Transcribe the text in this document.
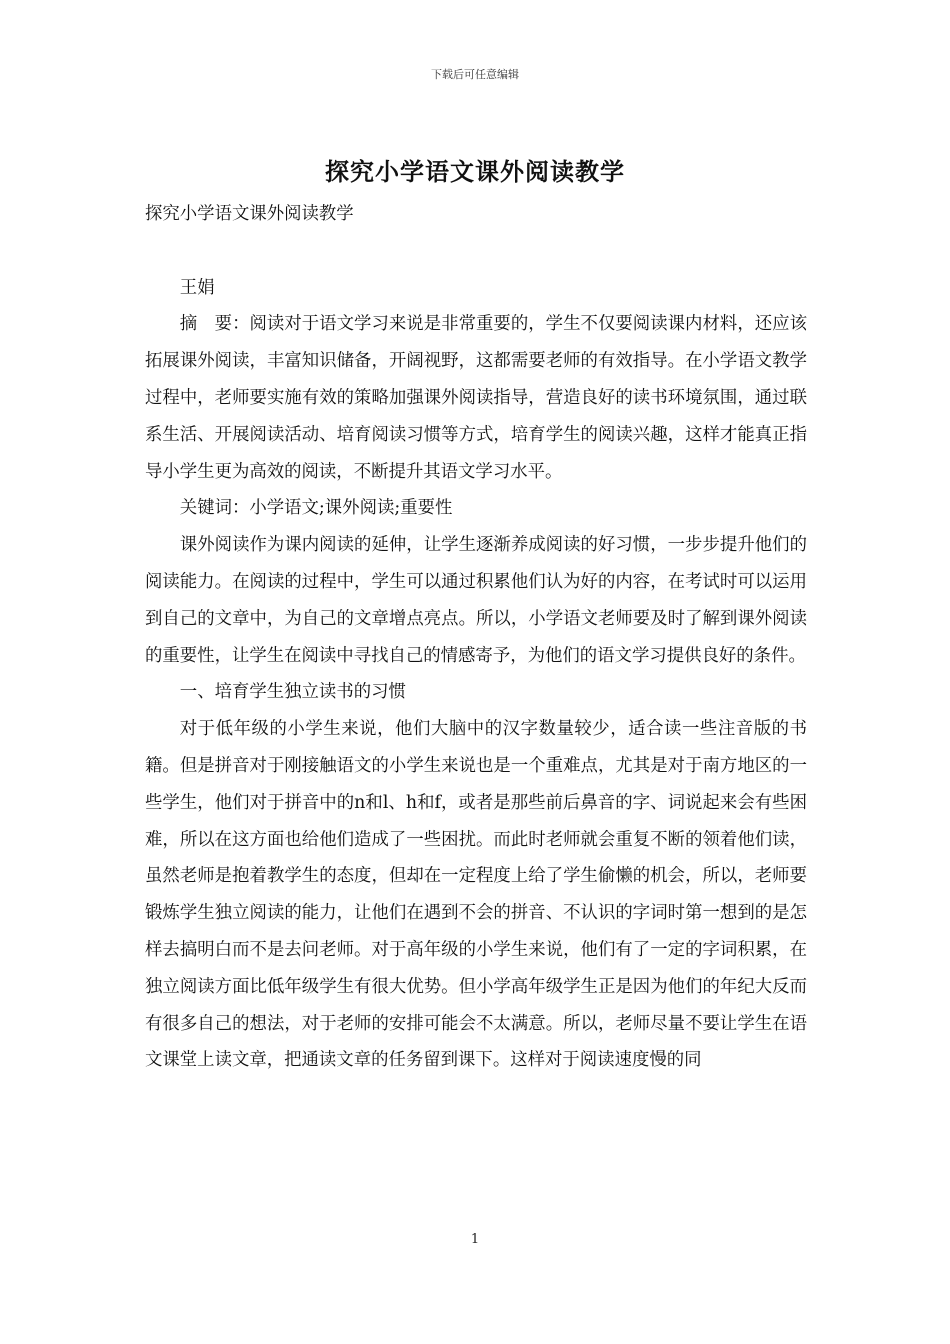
下载后可任意编辑
探究小学语文课外阅读教学

探究小学语文课外阅读教学

王娟

摘　要：阅读对于语文学习来说是非常重要的，学生不仅要阅读课内材料，还应该拓展课外阅读，丰富知识储备，开阔视野，这都需要老师的有效指导。在小学语文教学过程中，老师要实施有效的策略加强课外阅读指导，营造良好的读书环境氛围，通过联系生活、开展阅读活动、培育阅读习惯等方式，培育学生的阅读兴趣，这样才能真正指导小学生更为高效的阅读，不断提升其语文学习水平。

关键词：小学语文;课外阅读;重要性

课外阅读作为课内阅读的延伸，让学生逐渐养成阅读的好习惯，一步步提升他们的阅读能力。在阅读的过程中，学生可以通过积累他们认为好的内容，在考试时可以运用到自己的文章中，为自己的文章增点亮点。所以，小学语文老师要及时了解到课外阅读的重要性，让学生在阅读中寻找自己的情感寄予，为他们的语文学习提供良好的条件。

一、培育学生独立读书的习惯

对于低年级的小学生来说，他们大脑中的汉字数量较少，适合读一些注音版的书籍。但是拼音对于刚接触语文的小学生来说也是一个重难点，尤其是对于南方地区的一些学生，他们对于拼音中的n和l、h和f，或者是那些前后鼻音的字、词说起来会有些困难，所以在这方面也给他们造成了一些困扰。而此时老师就会重复不断的领着他们读，虽然老师是抱着教学生的态度，但却在一定程度上给了学生偷懒的机会，所以，老师要锻炼学生独立阅读的能力，让他们在遇到不会的拼音、不认识的字词时第一想到的是怎样去搞明白而不是去问老师。对于高年级的小学生来说，他们有了一定的字词积累，在独立阅读方面比低年级学生有很大优势。但小学高年级学生正是因为他们的年纪大反而有很多自己的想法，对于老师的安排可能会不太满意。所以，老师尽量不要让学生在语文课堂上读文章，把通读文章的任务留到课下。这样对于阅读速度慢的同

1
